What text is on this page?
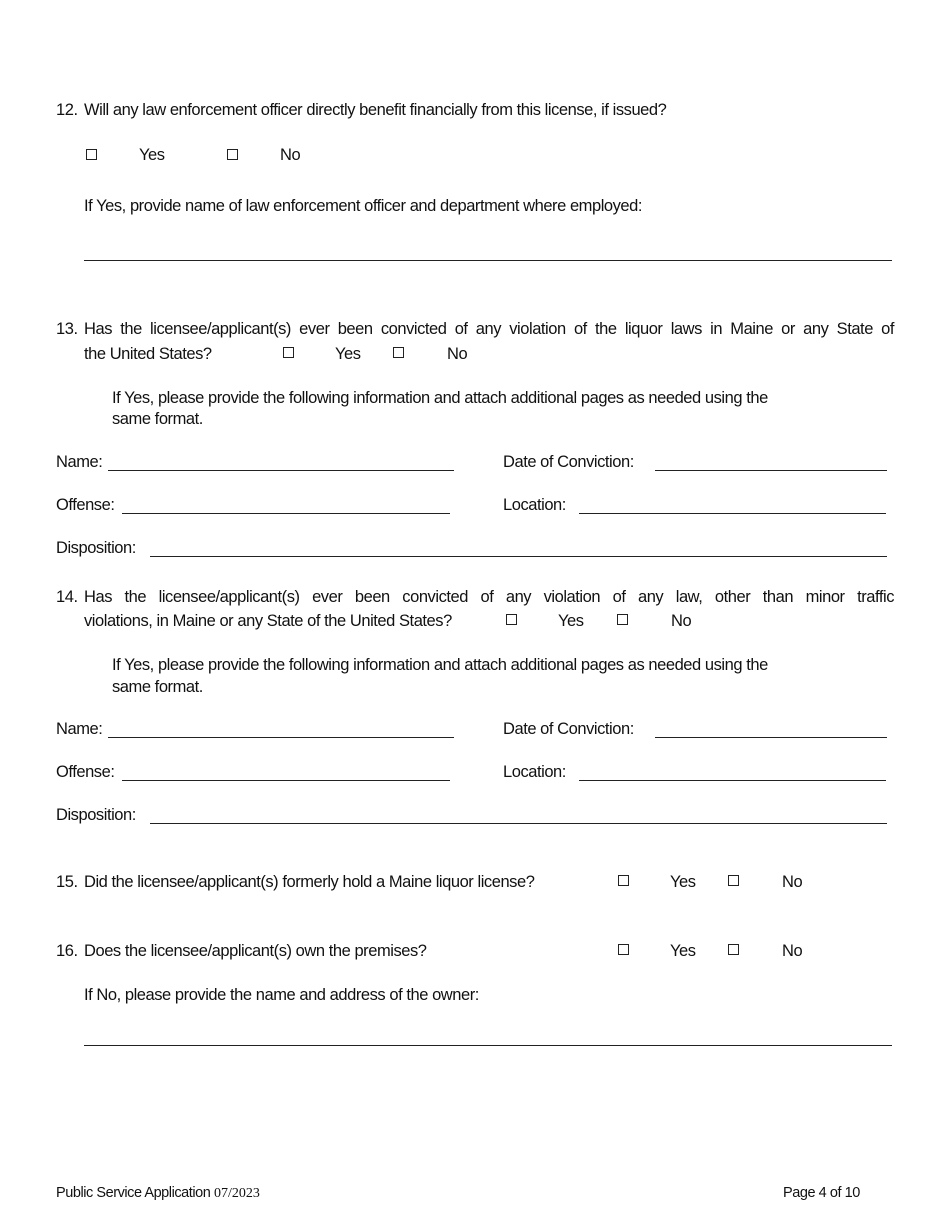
12. Will any law enforcement officer directly benefit financially from this license, if issued?
Yes	No
If Yes, provide name of law enforcement officer and department where employed:
13. Has the licensee/applicant(s) ever been convicted of any violation of the liquor laws in Maine or any State of
the United States?	Yes	No
If Yes, please provide the following information and attach additional pages as needed using the
same format.
Name:	Date of Conviction:
Offense:	Location:
Disposition:
14. Has the licensee/applicant(s) ever been convicted of any violation of any law, other than minor traffic
violations, in Maine or any State of the United States?	Yes	No
If Yes, please provide the following information and attach additional pages as needed using the
same format.
Name:	Date of Conviction:
Offense:	Location:
Disposition:
15. Did the licensee/applicant(s) formerly hold a Maine liquor license?	Yes	No
16. Does the licensee/applicant(s) own the premises?	Yes	No
If No, please provide the name and address of the owner:
Public Service Application 07/2023	Page 4 of 10
